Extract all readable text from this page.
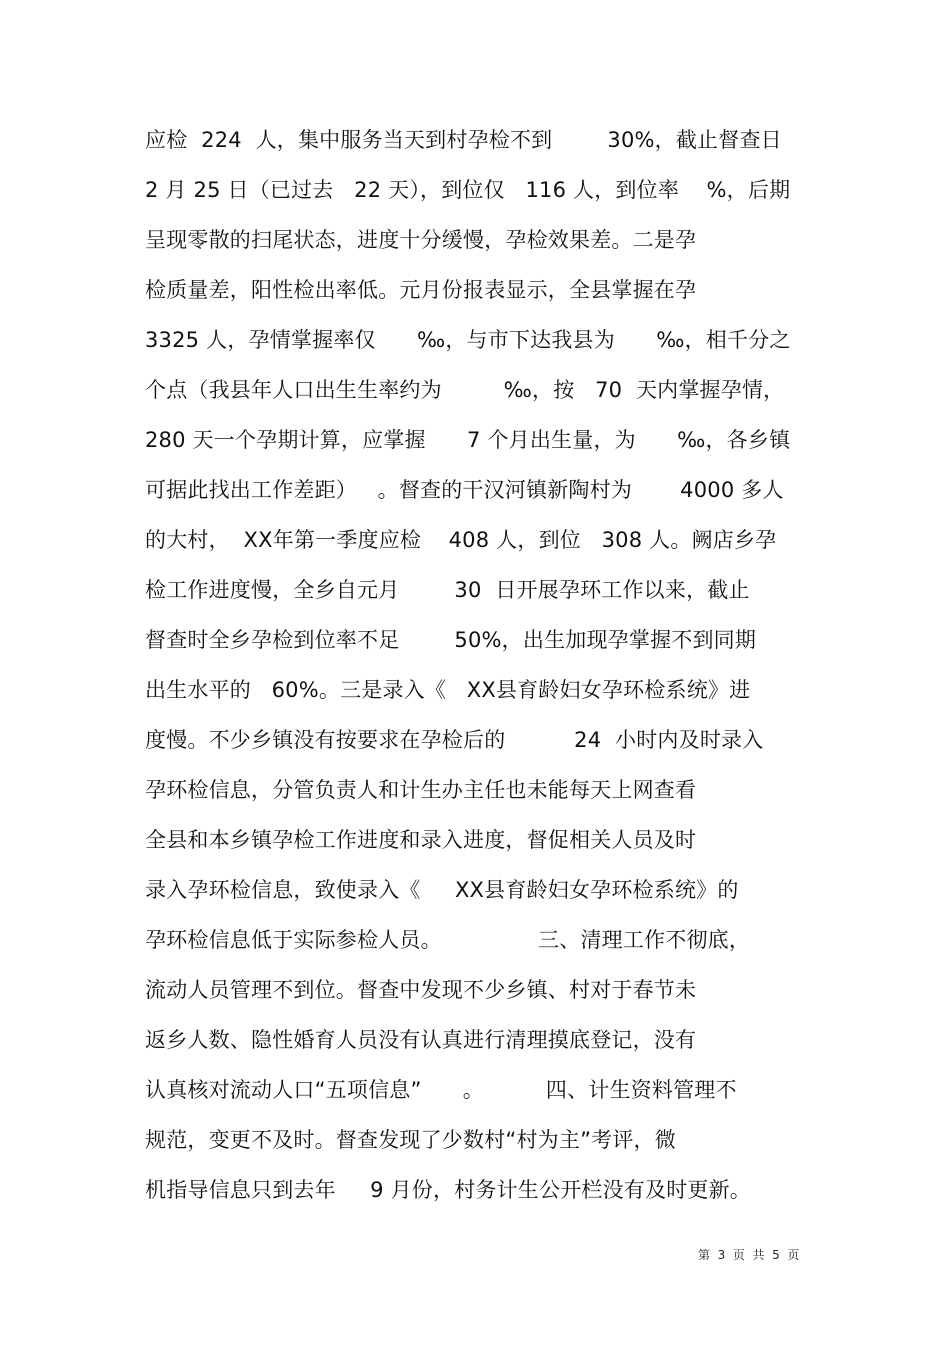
应检  224  人，集中服务当天到村孕检不到        30%，截止督查日
2 月 25 日（已过去   22 天），到位仅   116 人，到位率    %，后期
呈现零散的扫尾状态，进度十分缓慢，孕检效果差。二是孕
检质量差，阳性检出率低。元月份报表显示，全县掌握在孕
3325 人，孕情掌握率仅      ‰，与市下达我县为      ‰，相千分之
个点（我县年人口出生生率约为         ‰，按   70  天内掌握孕情，
280 天一个孕期计算，应掌握      7 个月出生量，为      ‰，各乡镇
可据此找出工作差距）   。督查的干汉河镇新陶村为       4000 多人
的大村，  XX年第一季度应检    408 人，到位   308 人。阙店乡孕
检工作进度慢，全乡自元月        30  日开展孕环工作以来，截止
督查时全乡孕检到位率不足        50%，出生加现孕掌握不到同期
出生水平的   60%。三是录入《   XX县育龄妇女孕环检系统》进
度慢。不少乡镇没有按要求在孕检后的          24  小时内及时录入
孕环检信息，分管负责人和计生办主任也未能每天上网查看
全县和本乡镇孕检工作进度和录入进度，督促相关人员及时
录入孕环检信息，致使录入《     XX县育龄妇女孕环检系统》的
孕环检信息低于实际参检人员。              三、清理工作不彻底，
流动人员管理不到位。督查中发现不少乡镇、村对于春节未
返乡人数、隐性婚育人员没有认真进行清理摸底登记，没有
认真核对流动人口“五项信息”      。         四、计生资料管理不
规范，变更不及时。督查发现了少数村“村为主”考评，微
机指导信息只到去年     9 月份，村务计生公开栏没有及时更新。
第  3  页  共  5  页
